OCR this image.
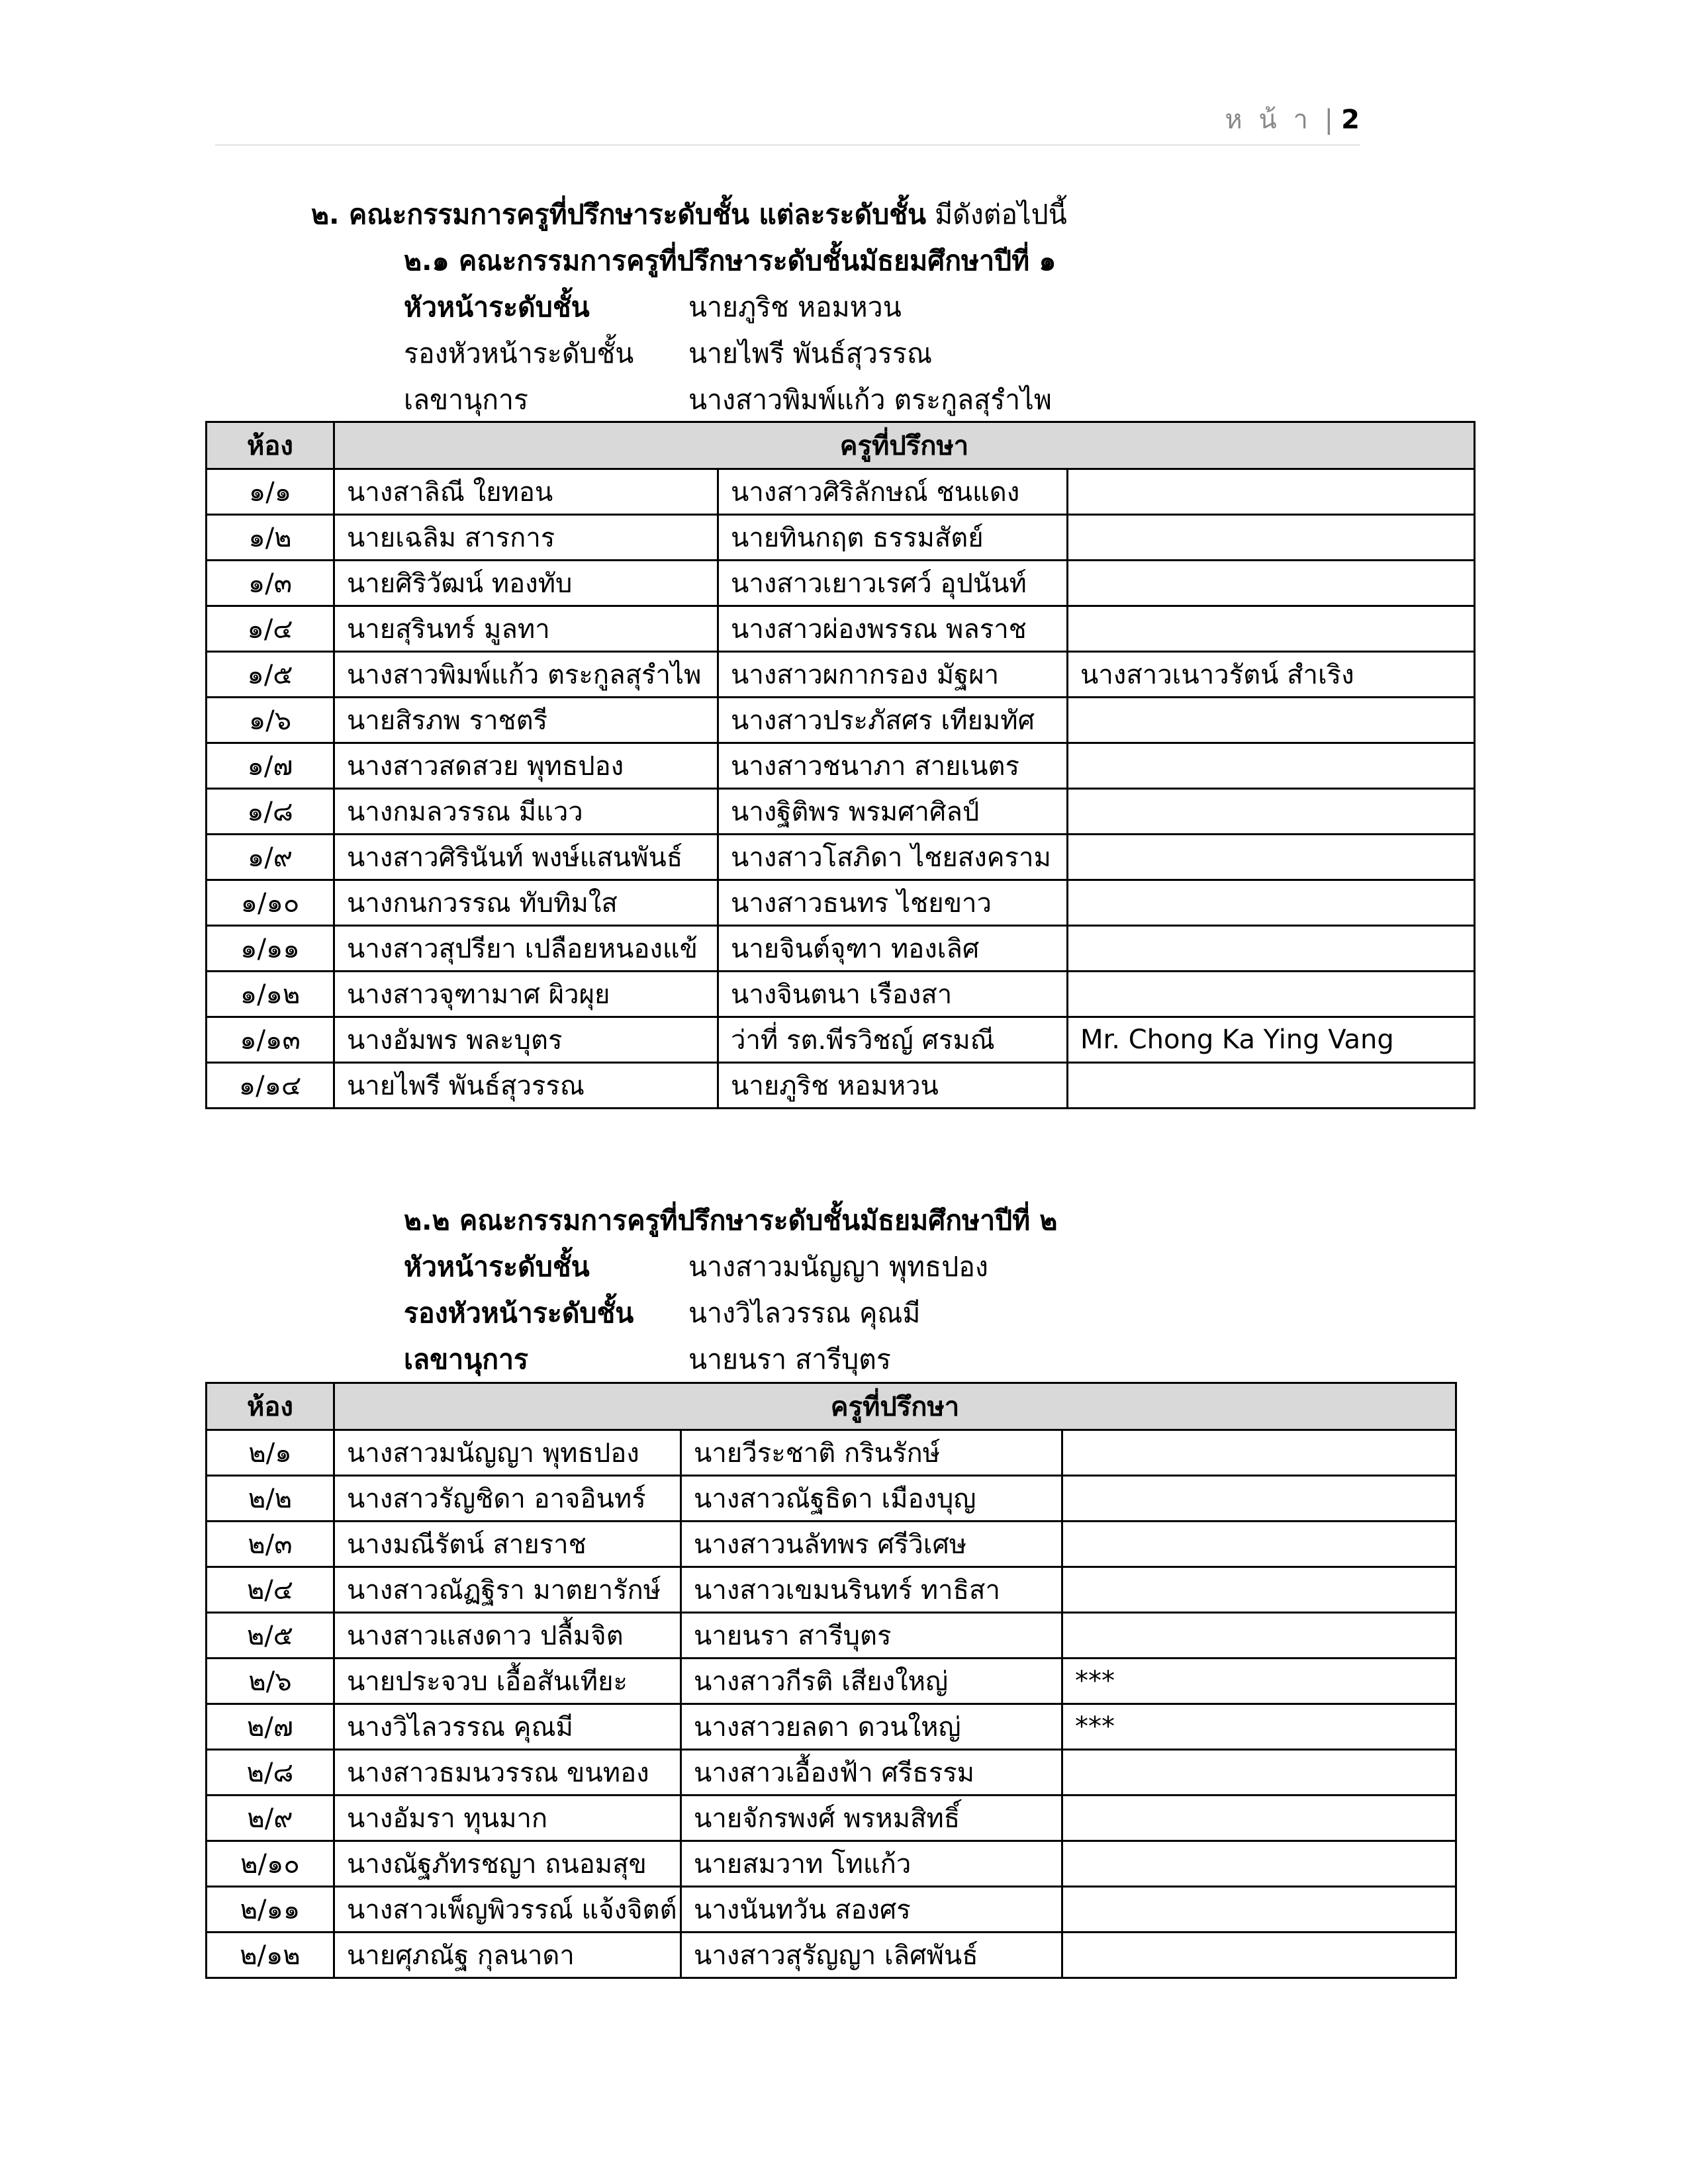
ห น้ า | 2
๒. คณะกรรมการครูที่ปรึกษาระดับชั้น แต่ละระดับชั้น มีดังต่อไปนี้
๒.๑ คณะกรรมการครูที่ปรึกษาระดับชั้นมัธยมศึกษาปีที่ ๑
หัวหน้าระดับชั้น	นายภูริช หอมหวน
รองหัวหน้าระดับชั้น นายไพรี พันธ์สุวรรณ
เลขานุการ	นางสาวพิมพ์แก้ว ตระกูลสุรำไพ
ห้อง	ครูที่ปรึกษา		
๑/๑	นางสาลิณี ใยทอน	นางสาวศิริลักษณ์ ชนแดง	
๑/๒	นายเฉลิม สารการ	นายทินกฤต ธรรมสัตย์	
๑/๓	นายศิริวัฒน์ ทองทับ	นางสาวเยาวเรศว์ อุปนันท์	
๑/๔	นายสุรินทร์ มูลทา	นางสาวผ่องพรรณ พลราช	
๑/๕	นางสาวพิมพ์แก้ว ตระกูลสุรำไพ	นางสาวผกากรอง มัฐผา	นางสาวเนาวรัตน์ สำเริง
๑/๖	นายสิรภพ ราชตรี	นางสาวประภัสศร เทียมทัศ	
๑/๗	นางสาวสดสวย พุทธปอง	นางสาวชนาภา สายเนตร	
๑/๘	นางกมลวรรณ มีแวว	นางฐิติพร พรมศาศิลป์	
๑/๙	นางสาวศิรินันท์ พงษ์แสนพันธ์	นางสาวโสภิดา ไชยสงคราม	
๑/๑๐	นางกนกวรรณ ทับทิมใส	นางสาวธนทร ไชยขาว	
๑/๑๑	นางสาวสุปรียา เปลือยหนองแข้	นายจินต์จุฑา ทองเลิศ	
๑/๑๒	นางสาวจุฑามาศ ผิวผุย	นางจินตนา เรืองสา	
๑/๑๓	นางอัมพร พละบุตร	ว่าที่ รต.พีรวิชญ์ ศรมณี	Mr. Chong Ka Ying Vang
๑/๑๔	นายไพรี พันธ์สุวรรณ	นายภูริช หอมหวน	
๒.๒ คณะกรรมการครูที่ปรึกษาระดับชั้นมัธยมศึกษาปีที่ ๒
หัวหน้าระดับชั้น	นางสาวมนัญญา พุทธปอง
รองหัวหน้าระดับชั้น นางวิไลวรรณ คุณมี
เลขานุการ	นายนรา สารีบุตร
ห้อง	ครูที่ปรึกษา		
๒/๑	นางสาวมนัญญา พุทธปอง	นายวีระชาติ กรินรักษ์	
๒/๒	นางสาวรัญชิดา อาจอินทร์	นางสาวณัฐธิดา เมืองบุญ	
๒/๓	นางมณีรัตน์ สายราช	นางสาวนลัทพร ศรีวิเศษ	
๒/๔	นางสาวณัฏฐิรา มาตยารักษ์	นางสาวเขมนรินทร์ ทาธิสา	
๒/๕	นางสาวแสงดาว ปลื้มจิต	นายนรา สารีบุตร	
๒/๖	นายประจวบ เอื้อสันเทียะ	นางสาวกีรติ เสียงใหญ่	***
๒/๗	นางวิไลวรรณ คุณมี	นางสาวยลดา ดวนใหญ่	***
๒/๘	นางสาวธมนวรรณ ขนทอง	นางสาวเอื้องฟ้า ศรีธรรม	
๒/๙	นางอัมรา ทุนมาก	นายจักรพงศ์ พรหมสิทธิ์	
๒/๑๐	นางณัฐภัทรชญา ถนอมสุข	นายสมวาท โทแก้ว	
๒/๑๑	นางสาวเพ็ญพิวรรณ์ แจ้งจิตต์	นางนันทวัน สองศร	
๒/๑๒	นายศุภณัฐ กุลนาดา	นางสาวสุรัญญา เลิศพันธ์	
